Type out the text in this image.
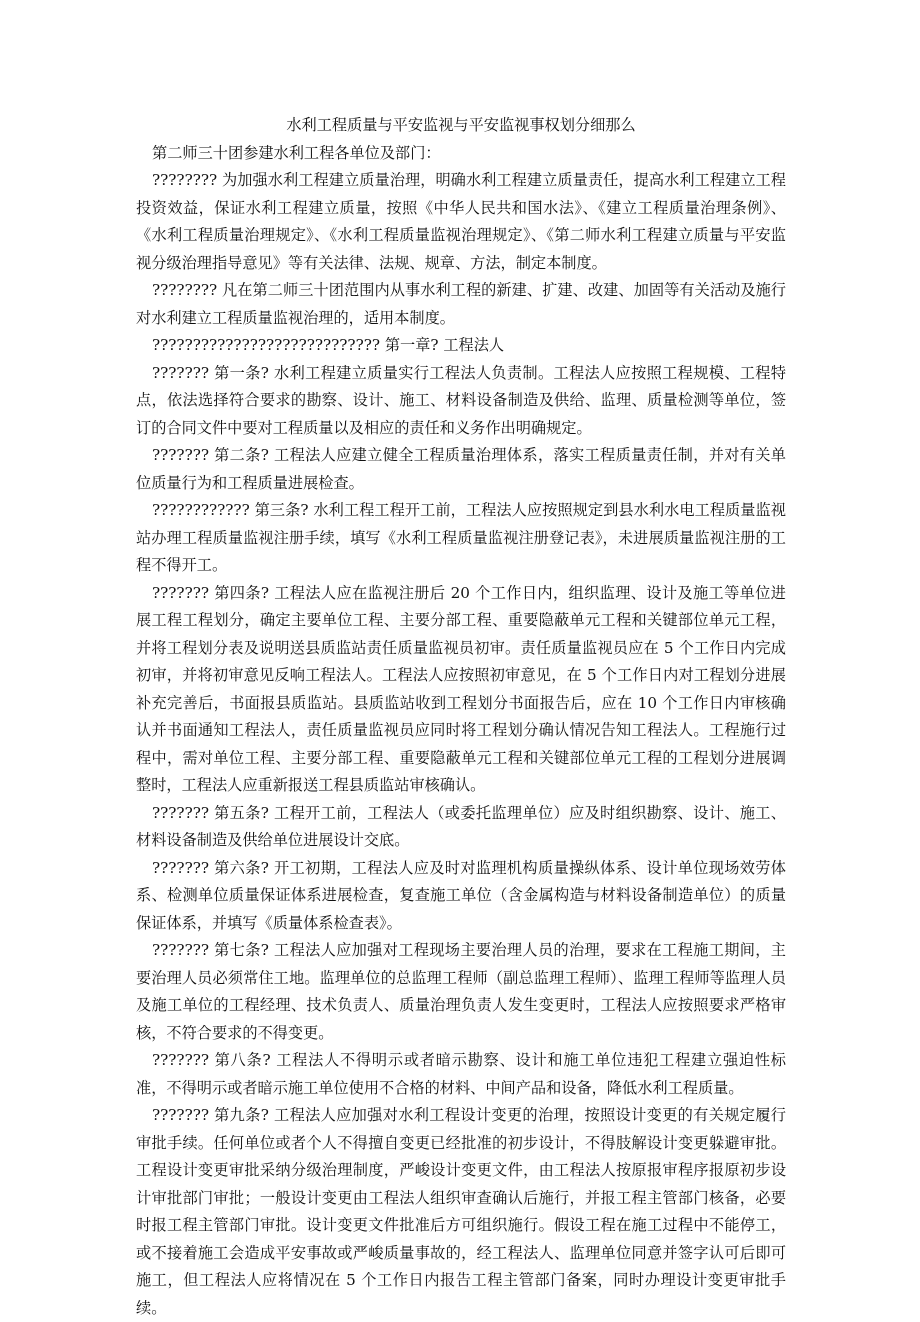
水利工程质量与平安监视与平安监视事权划分细那么

第二师三十团参建水利工程各单位及部门：

???????? 为加强水利工程建立质量治理，明确水利工程建立质量责任，提高水利工程建立工程投资效益，保证水利工程建立质量，按照《中华人民共和国水法》、《建立工程质量治理条例》、《水利工程质量治理规定》、《水利工程质量监视治理规定》、《第二师水利工程建立质量与平安监视分级治理指导意见》等有关法律、法规、规章、方法，制定本制度。

???????? 凡在第二师三十团范围内从事水利工程的新建、扩建、改建、加固等有关活动及施行对水利建立工程质量监视治理的，适用本制度。

???????????????????????????? 第一章? 工程法人

??????? 第一条? 水利工程建立质量实行工程法人负责制。工程法人应按照工程规模、工程特点，依法选择符合要求的勘察、设计、施工、材料设备制造及供给、监理、质量检测等单位，签订的合同文件中要对工程质量以及相应的责任和义务作出明确规定。

??????? 第二条? 工程法人应建立健全工程质量治理体系，落实工程质量责任制，并对有关单位质量行为和工程质量进展检查。

???????????? 第三条? 水利工程工程开工前，工程法人应按照规定到县水利水电工程质量监视站办理工程质量监视注册手续，填写《水利工程质量监视注册登记表》，未进展质量监视注册的工程不得开工。

??????? 第四条? 工程法人应在监视注册后 20 个工作日内，组织监理、设计及施工等单位进展工程工程划分，确定主要单位工程、主要分部工程、重要隐蔽单元工程和关键部位单元工程，并将工程划分表及说明送县质监站责任质量监视员初审。责任质量监视员应在 5 个工作日内完成初审，并将初审意见反响工程法人。工程法人应按照初审意见，在 5 个工作日内对工程划分进展补充完善后，书面报县质监站。县质监站收到工程划分书面报告后，应在 10 个工作日内审核确认并书面通知工程法人，责任质量监视员应同时将工程划分确认情况告知工程法人。工程施行过程中，需对单位工程、主要分部工程、重要隐蔽单元工程和关键部位单元工程的工程划分进展调整时，工程法人应重新报送工程县质监站审核确认。

??????? 第五条? 工程开工前，工程法人（或委托监理单位）应及时组织勘察、设计、施工、材料设备制造及供给单位进展设计交底。

??????? 第六条? 开工初期，工程法人应及时对监理机构质量操纵体系、设计单位现场效劳体系、检测单位质量保证体系进展检查，复查施工单位（含金属构造与材料设备制造单位）的质量保证体系，并填写《质量体系检查表》。

??????? 第七条? 工程法人应加强对工程现场主要治理人员的治理，要求在工程施工期间，主要治理人员必须常住工地。监理单位的总监理工程师（副总监理工程师）、监理工程师等监理人员及施工单位的工程经理、技术负责人、质量治理负责人发生变更时，工程法人应按照要求严格审核，不符合要求的不得变更。

??????? 第八条? 工程法人不得明示或者暗示勘察、设计和施工单位违犯工程建立强迫性标准，不得明示或者暗示施工单位使用不合格的材料、中间产品和设备，降低水利工程质量。

??????? 第九条? 工程法人应加强对水利工程设计变更的治理，按照设计变更的有关规定履行审批手续。任何单位或者个人不得擅自变更已经批准的初步设计，不得肢解设计变更躲避审批。工程设计变更审批采纳分级治理制度，严峻设计变更文件，由工程法人按原报审程序报原初步设计审批部门审批；一般设计变更由工程法人组织审查确认后施行，并报工程主管部门核备，必要时报工程主管部门审批。设计变更文件批准后方可组织施行。假设工程在施工过程中不能停工，或不接着施工会造成平安事故或严峻质量事故的，经工程法人、监理单位同意并签字认可后即可施工，但工程法人应将情况在 5 个工作日内报告工程主管部门备案，同时办理设计变更审批手续。
